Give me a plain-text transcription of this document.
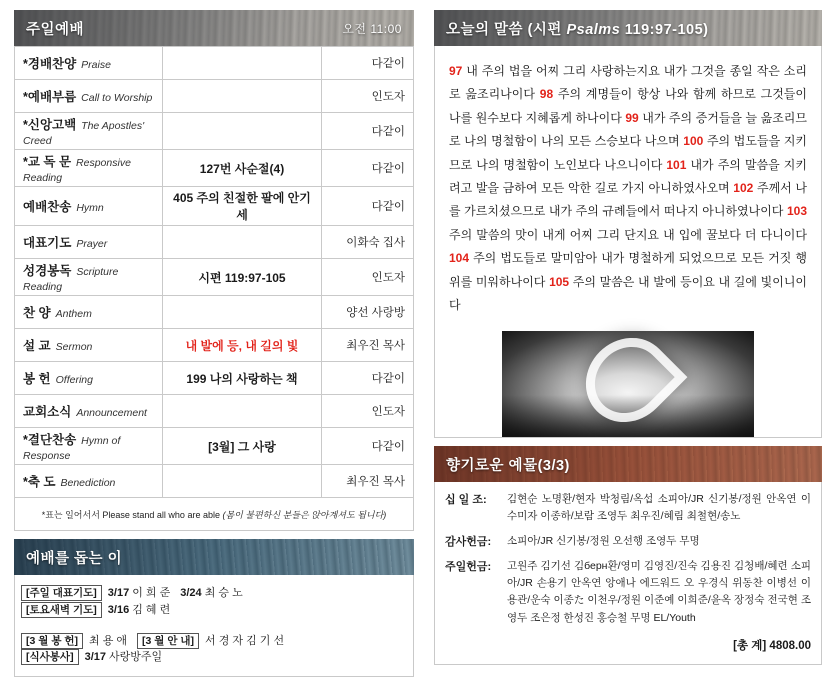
주일예배	오전 11:00
*경배찬양 Praise		다같이
*예배부름 Call to Worship		인도자
*신앙고백 The Apostles' Creed		다같이
*교 독 문 Responsive Reading	127번 사순절(4)	다같이
예배찬송 Hymn	405 주의 친절한 팔에 안기세	다같이
대표기도 Prayer		이화숙 집사
성경봉독 Scripture Reading	시편 119:97-105	인도자
찬 양 Anthem		양선 사랑방
설 교 Sermon	내 발에 등, 내 길의 빛	최우진 목사
봉 헌 Offering	199 나의 사랑하는 책	다같이
교회소식 Announcement		인도자
*결단찬송 Hymn of Response	[3월] 그 사랑	다같이
*축 도 Benediction		최우진 목사
*표는 일어서서 Please stand all who are able (몸이 불편하신 분들은 앉아계셔도 됩니다)		
예배를 돕는 이
[주일 대표기도] 3/17 이 희 준 3/24 최 승 노
[토요새벽 기도] 3/16 김 혜 련
[3 월 봉 헌] 최 용 애	[3 월 안 내] 서 경 자 김 기 선
[식사봉사] 3/17 사랑방주일
오늘의 말씀 (시편 Psalms 119:97-105)
97 내 주의 법을 어찌 그리 사랑하는지요 내가 그것을 종일 작은 소리로 읊조리나이다 98 주의 계명들이 항상 나와 함께 하므로 그것들이 나를 원수보다 지혜롭게 하나이다 99 내가 주의 증거들을 늘 읊조리므로 나의 명철함이 나의 모든 스승보다 나으며 100 주의 법도들을 지키므로 나의 명철함이 노인보다 나으니이다 101 내가 주의 말씀을 지키려고 발을 금하여 모든 악한 길로 가지 아니하였사오며 102 주께서 나를 가르치셨으므로 내가 주의 규례들에서 떠나지 아니하였나이다 103 주의 말씀의 맛이 내게 어찌 그리 단지요 내 입에 꿀보다 더 다니이다 104 주의 법도들로 말미암아 내가 명철하게 되었으므로 모든 거짓 행위를 미워하나이다 105 주의 말씀은 내 발에 등이요 내 길에 빛이니이다
향기로운 예물(3/3)
십 일 조:	김현순 노명환/현자 박청림/옥섭 소피아/JR 신기봉/정원 안옥연 이수미자 이종하/보람 조영두 최우진/혜림 최철현/송노
감사헌금:	소피아/JR 신기봉/정원 오선행 조영두 무명
주일헌금:	고원주 김기선 김берн환/영미 김영진/진숙 김용진 김청배/혜련 소피아/JR 손용기 안옥연 앙애나 에드워드 오 우경식 위동찬 이병선 이용관/운숙 이종た 이천우/정원 이준예 이희준/윤옥 장정숙 전국현 조영두 조은정 한성진 홍승철 무명 EL/Youth
[총 계] 4808.00
